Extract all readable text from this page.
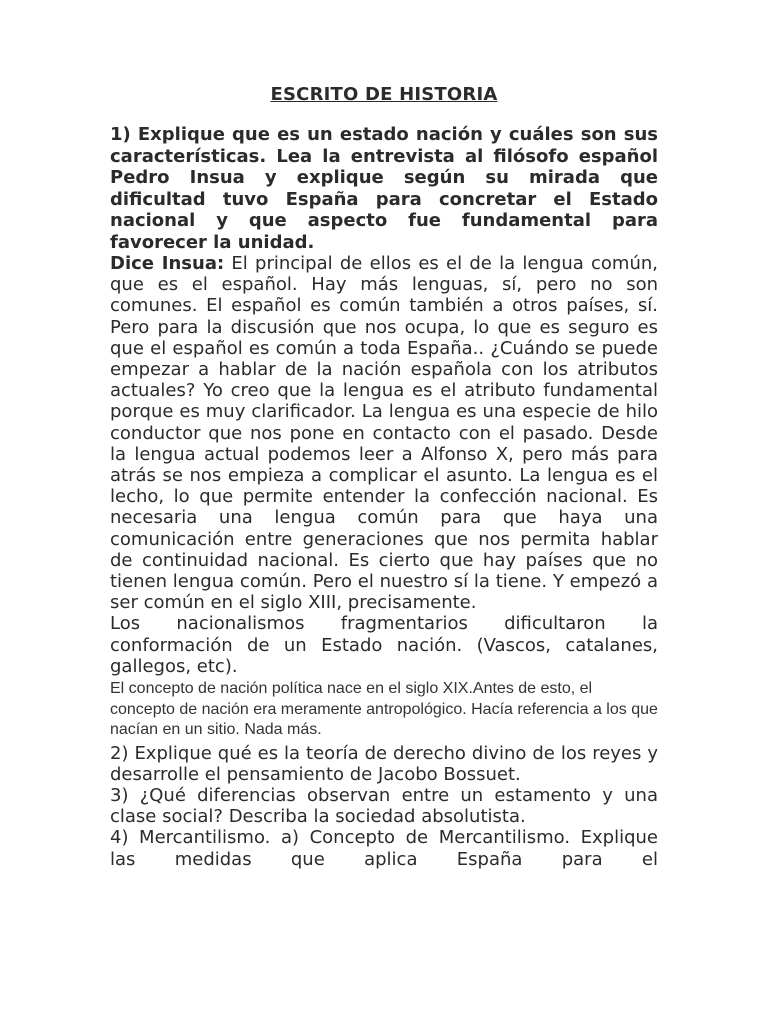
ESCRITO DE HISTORIA

1) Explique que es un estado nación y cuáles son sus características. Lea la entrevista al filósofo español Pedro Insua y explique según su mirada que dificultad tuvo España para concretar el Estado nacional y que aspecto fue fundamental para favorecer la unidad.

Dice Insua: El principal de ellos es el de la lengua común, que es el español. Hay más lenguas, sí, pero no son comunes. El español es común también a otros países, sí. Pero para la discusión que nos ocupa, lo que es seguro es que el español es común a toda España.. ¿Cuándo se puede empezar a hablar de la nación española con los atributos actuales? Yo creo que la lengua es el atributo fundamental porque es muy clarificador. La lengua es una especie de hilo conductor que nos pone en contacto con el pasado. Desde la lengua actual podemos leer a Alfonso X, pero más para atrás se nos empieza a complicar el asunto. La lengua es el lecho, lo que permite entender la confección nacional. Es necesaria una lengua común para que haya una comunicación entre generaciones que nos permita hablar de continuidad nacional. Es cierto que hay países que no tienen lengua común. Pero el nuestro sí la tiene. Y empezó a ser común en el siglo XIII, precisamente.

Los nacionalismos fragmentarios dificultaron la conformación de un Estado nación. (Vascos, catalanes, gallegos, etc).

El concepto de nación política nace en el siglo XIX.Antes de esto, el concepto de nación era meramente antropológico. Hacía referencia a los que nacían en un sitio. Nada más.

2) Explique qué es la teoría de derecho divino de los reyes y desarrolle el pensamiento de Jacobo Bossuet.

3) ¿Qué diferencias observan entre un estamento y una clase social? Describa la sociedad absolutista.

4) Mercantilismo. a) Concepto de Mercantilismo. Explique las medidas que aplica España para el
